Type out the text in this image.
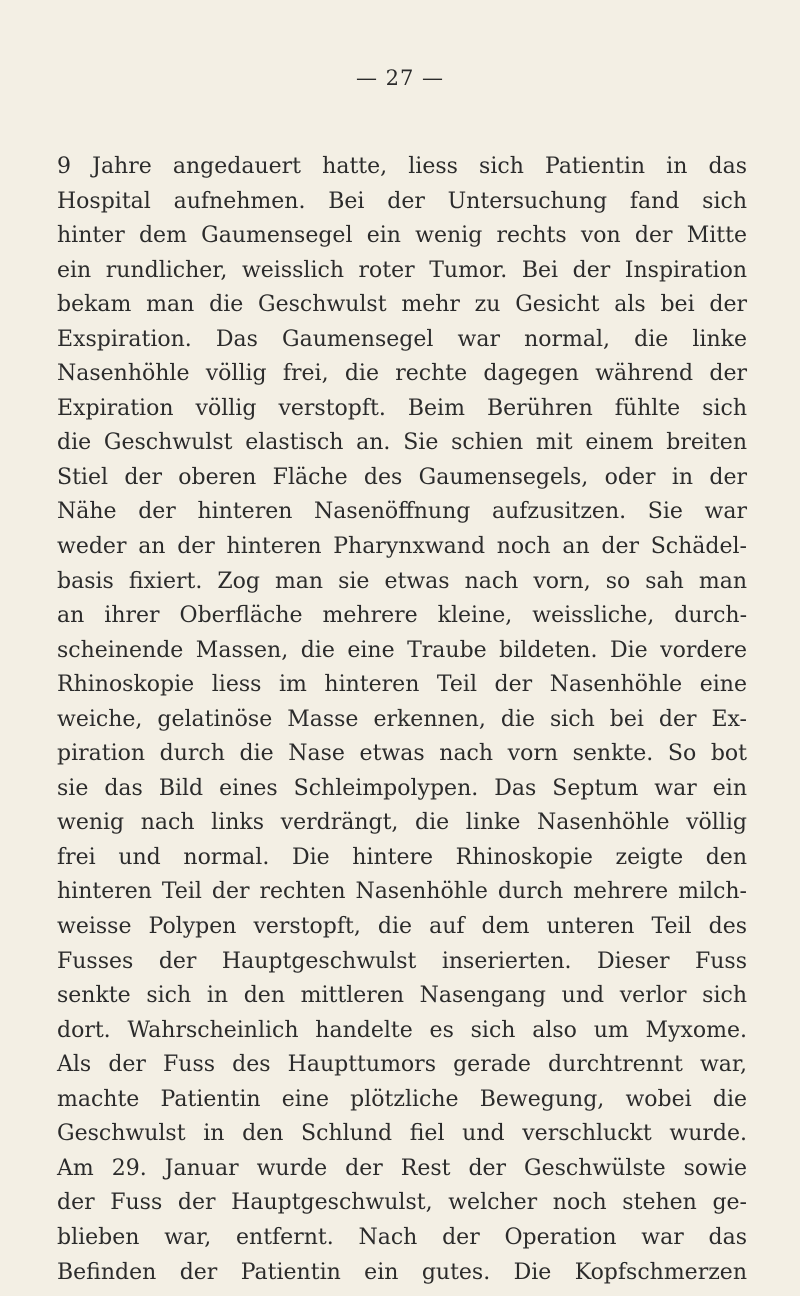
— 27 —
9 Jahre angedauert hatte, liess sich Patientin in das
Hospital aufnehmen. Bei der Untersuchung fand sich
hinter dem Gaumensegel ein wenig rechts von der Mitte
ein rundlicher, weisslich roter Tumor. Bei der Inspiration
bekam man die Geschwulst mehr zu Gesicht als bei der
Exspiration. Das Gaumensegel war normal, die linke
Nasenhöhle völlig frei, die rechte dagegen während der
Expiration völlig verstopft. Beim Berühren fühlte sich
die Geschwulst elastisch an. Sie schien mit einem breiten
Stiel der oberen Fläche des Gaumensegels, oder in der
Nähe der hinteren Nasenöffnung aufzusitzen. Sie war
weder an der hinteren Pharynxwand noch an der Schädel-
basis fixiert. Zog man sie etwas nach vorn, so sah man
an ihrer Oberfläche mehrere kleine, weissliche, durch-
scheinende Massen, die eine Traube bildeten. Die vordere
Rhinoskopie liess im hinteren Teil der Nasenhöhle eine
weiche, gelatinöse Masse erkennen, die sich bei der Ex-
piration durch die Nase etwas nach vorn senkte. So bot
sie das Bild eines Schleimpolypen. Das Septum war ein
wenig nach links verdrängt, die linke Nasenhöhle völlig
frei und normal. Die hintere Rhinoskopie zeigte den
hinteren Teil der rechten Nasenhöhle durch mehrere milch-
weisse Polypen verstopft, die auf dem unteren Teil des
Fusses der Hauptgeschwulst inserierten. Dieser Fuss
senkte sich in den mittleren Nasengang und verlor sich
dort. Wahrscheinlich handelte es sich also um Myxome.
Als der Fuss des Haupttumors gerade durchtrennt war,
machte Patientin eine plötzliche Bewegung, wobei die
Geschwulst in den Schlund fiel und verschluckt wurde.
Am 29. Januar wurde der Rest der Geschwülste sowie
der Fuss der Hauptgeschwulst, welcher noch stehen ge-
blieben war, entfernt. Nach der Operation war das
Befinden der Patientin ein gutes. Die Kopfschmerzen
